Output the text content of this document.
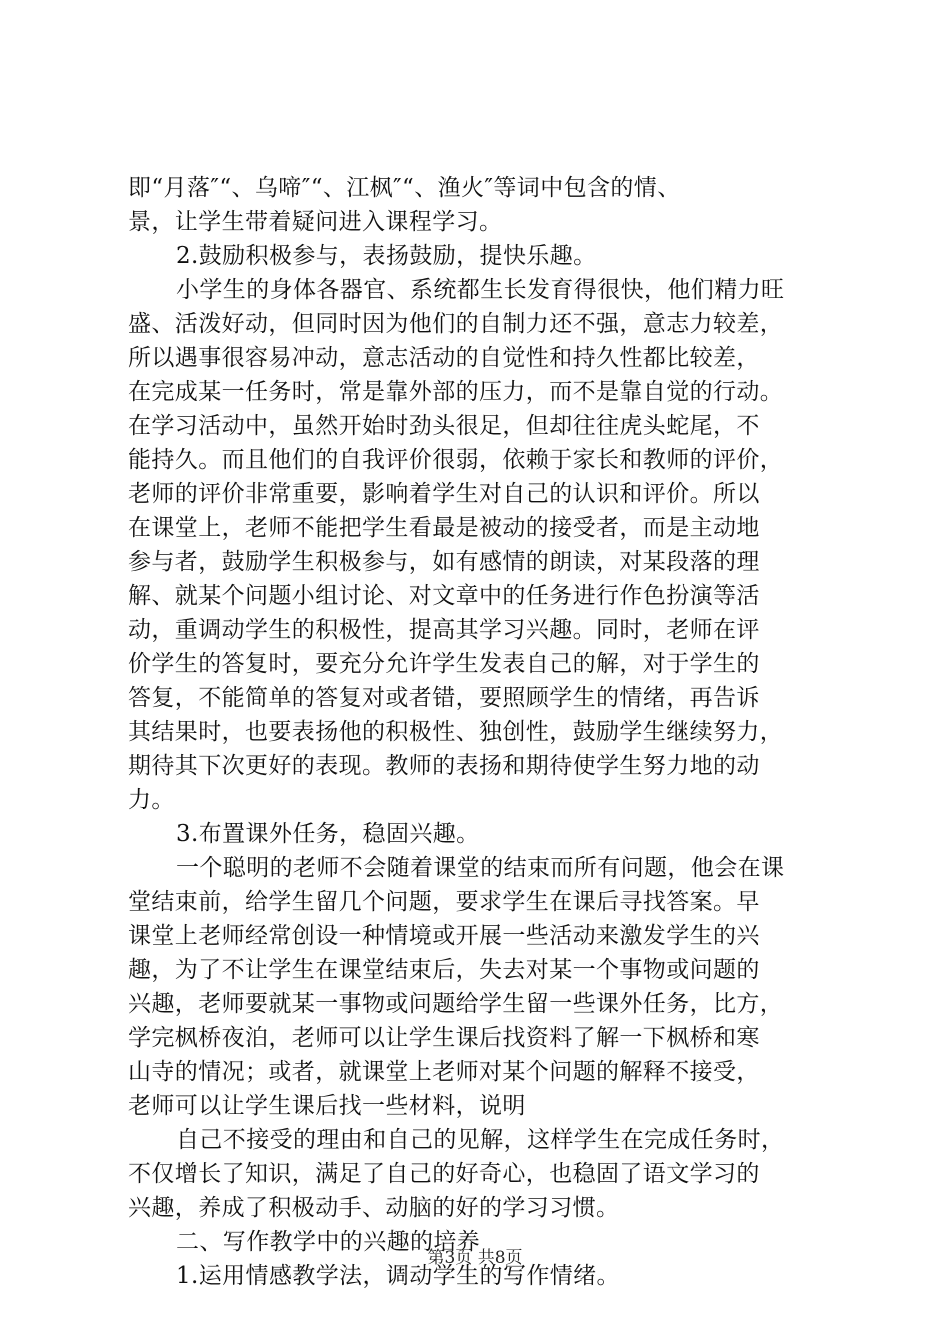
即“月落″“、乌啼″“、江枫″“、渔火″等词中包含的情、
景，让学生带着疑问进入课程学习。
2.鼓励积极参与，表扬鼓励，提快乐趣。
小学生的身体各器官、系统都生长发育得很快，他们精力旺
盛、活泼好动，但同时因为他们的自制力还不强，意志力较差，
所以遇事很容易冲动，意志活动的自觉性和持久性都比较差，
在完成某一任务时，常是靠外部的压力，而不是靠自觉的行动。
在学习活动中，虽然开始时劲头很足，但却往往虎头蛇尾，不
能持久。而且他们的自我评价很弱，依赖于家长和教师的评价，
老师的评价非常重要，影响着学生对自己的认识和评价。所以
在课堂上，老师不能把学生看最是被动的接受者，而是主动地
参与者，鼓励学生积极参与，如有感情的朗读，对某段落的理
解、就某个问题小组讨论、对文章中的任务进行作色扮演等活
动，重调动学生的积极性，提高其学习兴趣。同时，老师在评
价学生的答复时，要充分允许学生发表自己的解，对于学生的
答复，不能简单的答复对或者错，要照顾学生的情绪，再告诉
其结果时，也要表扬他的积极性、独创性，鼓励学生继续努力，
期待其下次更好的表现。教师的表扬和期待使学生努力地的动
力。
3.布置课外任务，稳固兴趣。
一个聪明的老师不会随着课堂的结束而所有问题，他会在课
堂结束前，给学生留几个问题，要求学生在课后寻找答案。早
课堂上老师经常创设一种情境或开展一些活动来激发学生的兴
趣，为了不让学生在课堂结束后，失去对某一个事物或问题的
兴趣，老师要就某一事物或问题给学生留一些课外任务，比方，
学完枫桥夜泊，老师可以让学生课后找资料了解一下枫桥和寒
山寺的情况；或者，就课堂上老师对某个问题的解释不接受，
老师可以让学生课后找一些材料，说明
自己不接受的理由和自己的见解，这样学生在完成任务时，
不仅增长了知识，满足了自己的好奇心，也稳固了语文学习的
兴趣，养成了积极动手、动脑的好的学习习惯。
二、写作教学中的兴趣的培养
1.运用情感教学法，调动学生的写作情绪。
第3页 共8页
